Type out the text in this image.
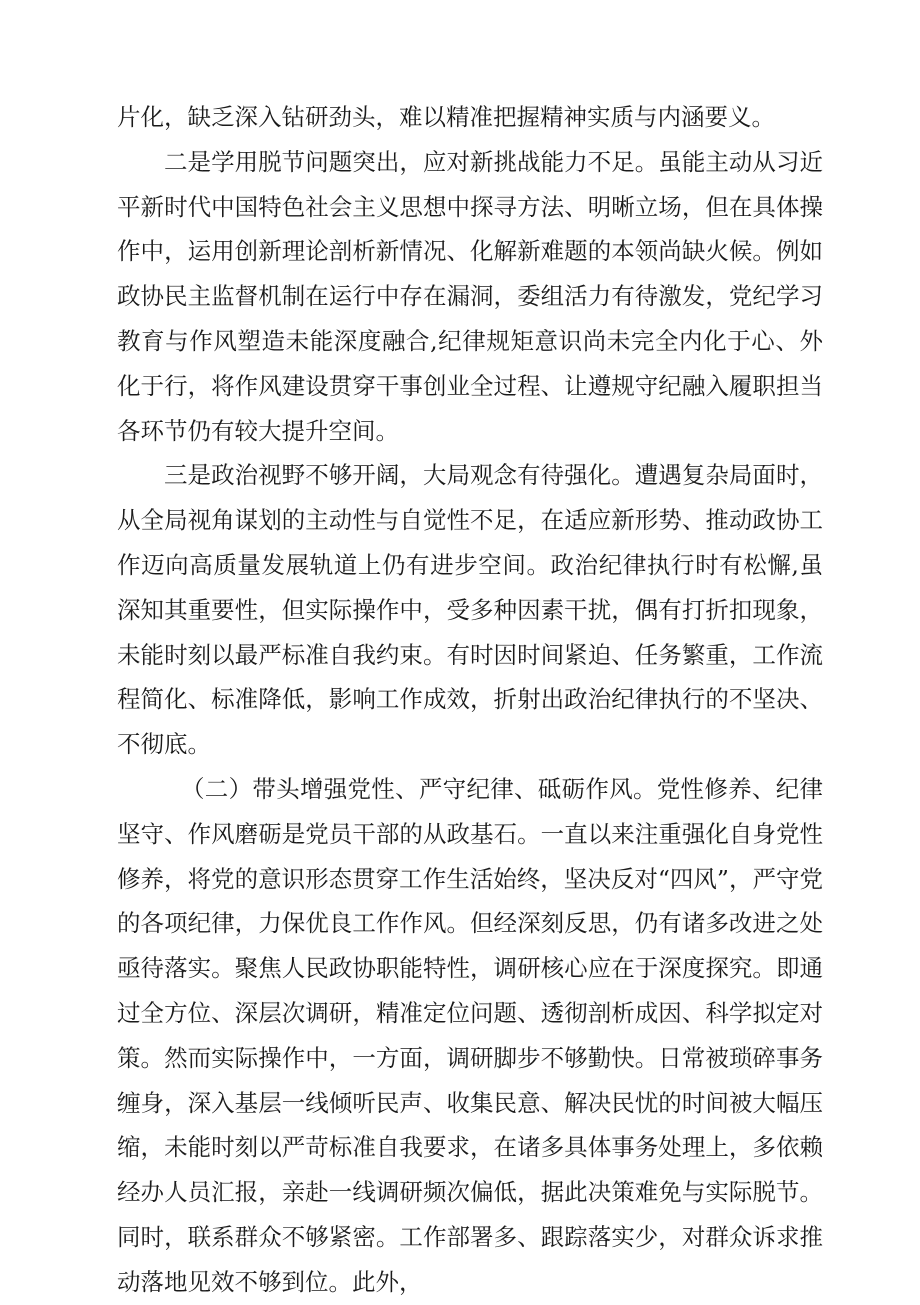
片化，缺乏深入钻研劲头，难以精准把握精神实质与内涵要义。

二是学用脱节问题突出，应对新挑战能力不足。虽能主动从习近平新时代中国特色社会主义思想中探寻方法、明晰立场，但在具体操作中，运用创新理论剖析新情况、化解新难题的本领尚缺火候。例如政协民主监督机制在运行中存在漏洞，委组活力有待激发，党纪学习教育与作风塑造未能深度融合,纪律规矩意识尚未完全内化于心、外化于行，将作风建设贯穿干事创业全过程、让遵规守纪融入履职担当各环节仍有较大提升空间。

三是政治视野不够开阔，大局观念有待强化。遭遇复杂局面时，从全局视角谋划的主动性与自觉性不足，在适应新形势、推动政协工作迈向高质量发展轨道上仍有进步空间。政治纪律执行时有松懈,虽深知其重要性，但实际操作中，受多种因素干扰，偶有打折扣现象，未能时刻以最严标准自我约束。有时因时间紧迫、任务繁重，工作流程简化、标准降低，影响工作成效，折射出政治纪律执行的不坚决、不彻底。

（二）带头增强党性、严守纪律、砥砺作风。党性修养、纪律坚守、作风磨砺是党员干部的从政基石。一直以来注重强化自身党性修养，将党的意识形态贯穿工作生活始终，坚决反对“四风”，严守党的各项纪律，力保优良工作作风。但经深刻反思，仍有诸多改进之处亟待落实。聚焦人民政协职能特性，调研核心应在于深度探究。即通过全方位、深层次调研，精准定位问题、透彻剖析成因、科学拟定对策。然而实际操作中，一方面，调研脚步不够勤快。日常被琐碎事务缠身，深入基层一线倾听民声、收集民意、解决民忧的时间被大幅压缩，未能时刻以严苛标准自我要求，在诸多具体事务处理上，多依赖经办人员汇报，亲赴一线调研频次偏低，据此决策难免与实际脱节。同时，联系群众不够紧密。工作部署多、跟踪落实少，对群众诉求推动落地见效不够到位。此外，
